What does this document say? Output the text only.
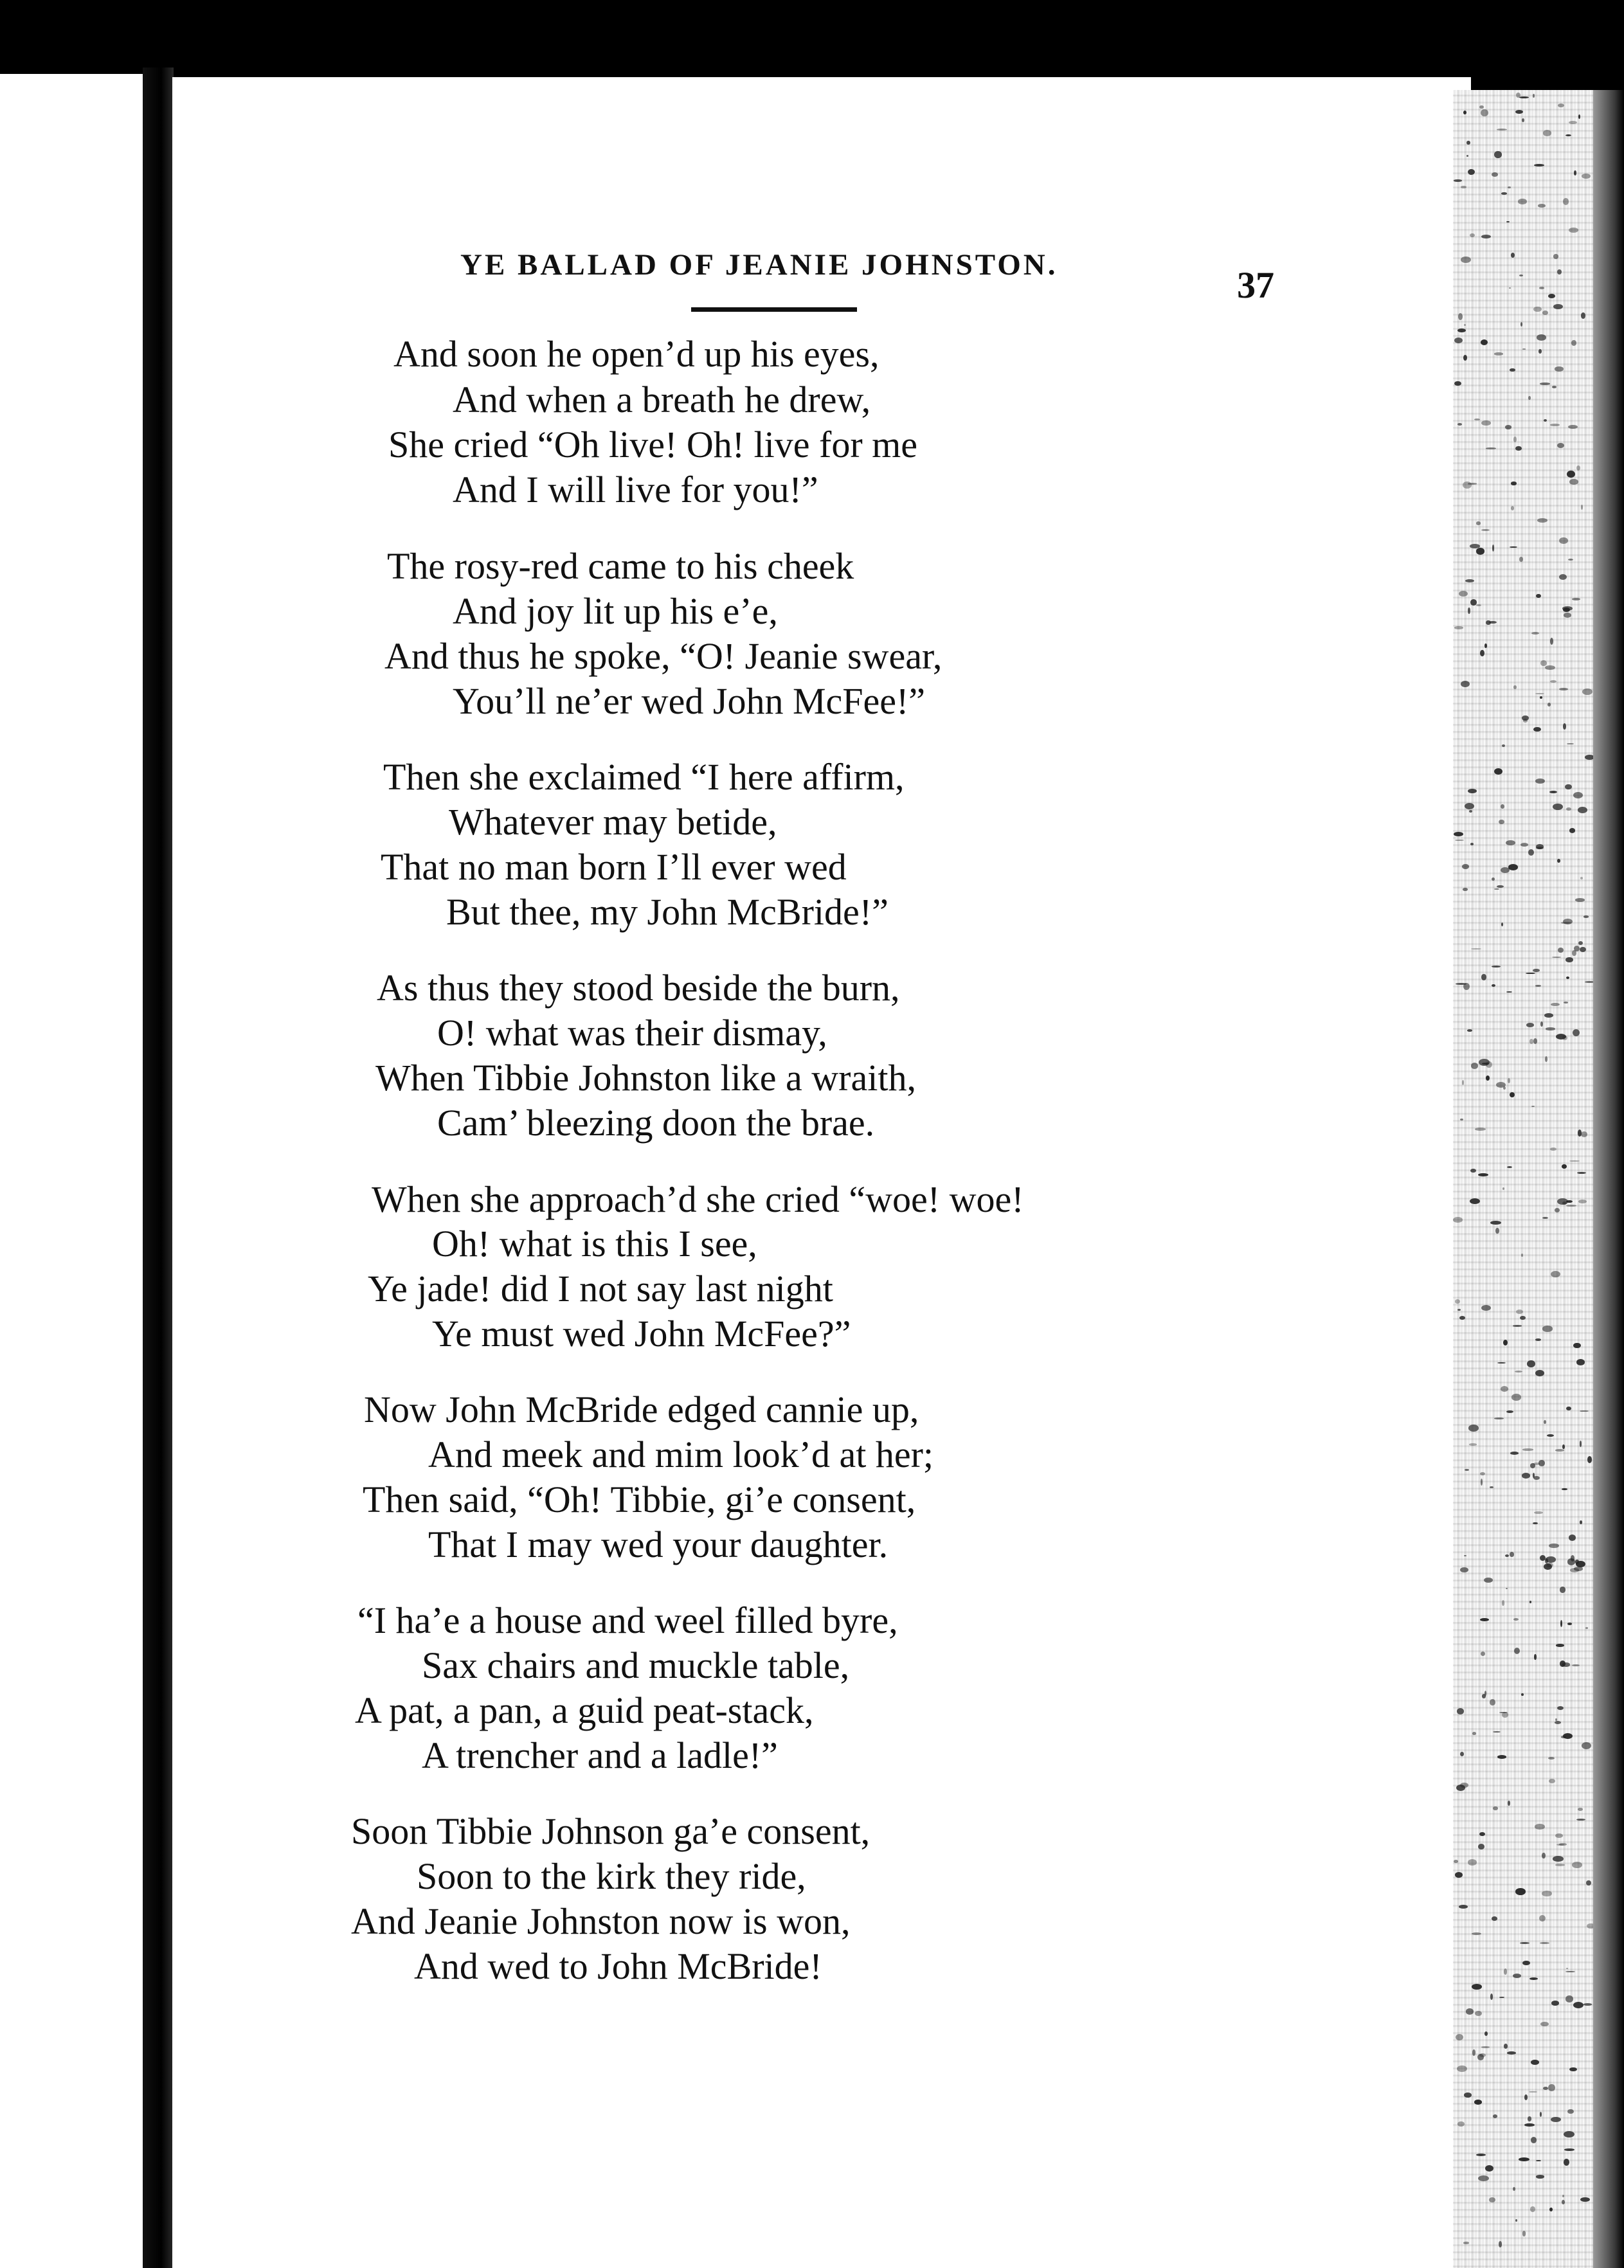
YE BALLAD OF JEANIE JOHNSTON.	37
And soon he open’d up his eyes,
And when a breath he drew,
She cried “Oh live! Oh! live for me
And I will live for you!”
The rosy-red came to his cheek
And joy lit up his e’e,
And thus he spoke, “O! Jeanie swear,
You’ll ne’er wed John McFee!”
Then she exclaimed “I here affirm,
Whatever may betide,
That no man born I’ll ever wed
But thee, my John McBride!”
As thus they stood beside the burn,
O! what was their dismay,
When Tibbie Johnston like a wraith,
Cam’ bleezing doon the brae.
When she approach’d she cried “woe! woe!
Oh! what is this I see,
Ye jade! did I not say last night
Ye must wed John McFee?”
Now John McBride edged cannie up,
And meek and mim look’d at her;
Then said, “Oh! Tibbie, gi’e consent,
That I may wed your daughter.
“I ha’e a house and weel filled byre,
Sax chairs and muckle table,
A pat, a pan, a guid peat-stack,
A trencher and a ladle!”
Soon Tibbie Johnson ga’e consent,
Soon to the kirk they ride,
And Jeanie Johnston now is won,
And wed to John McBride!
